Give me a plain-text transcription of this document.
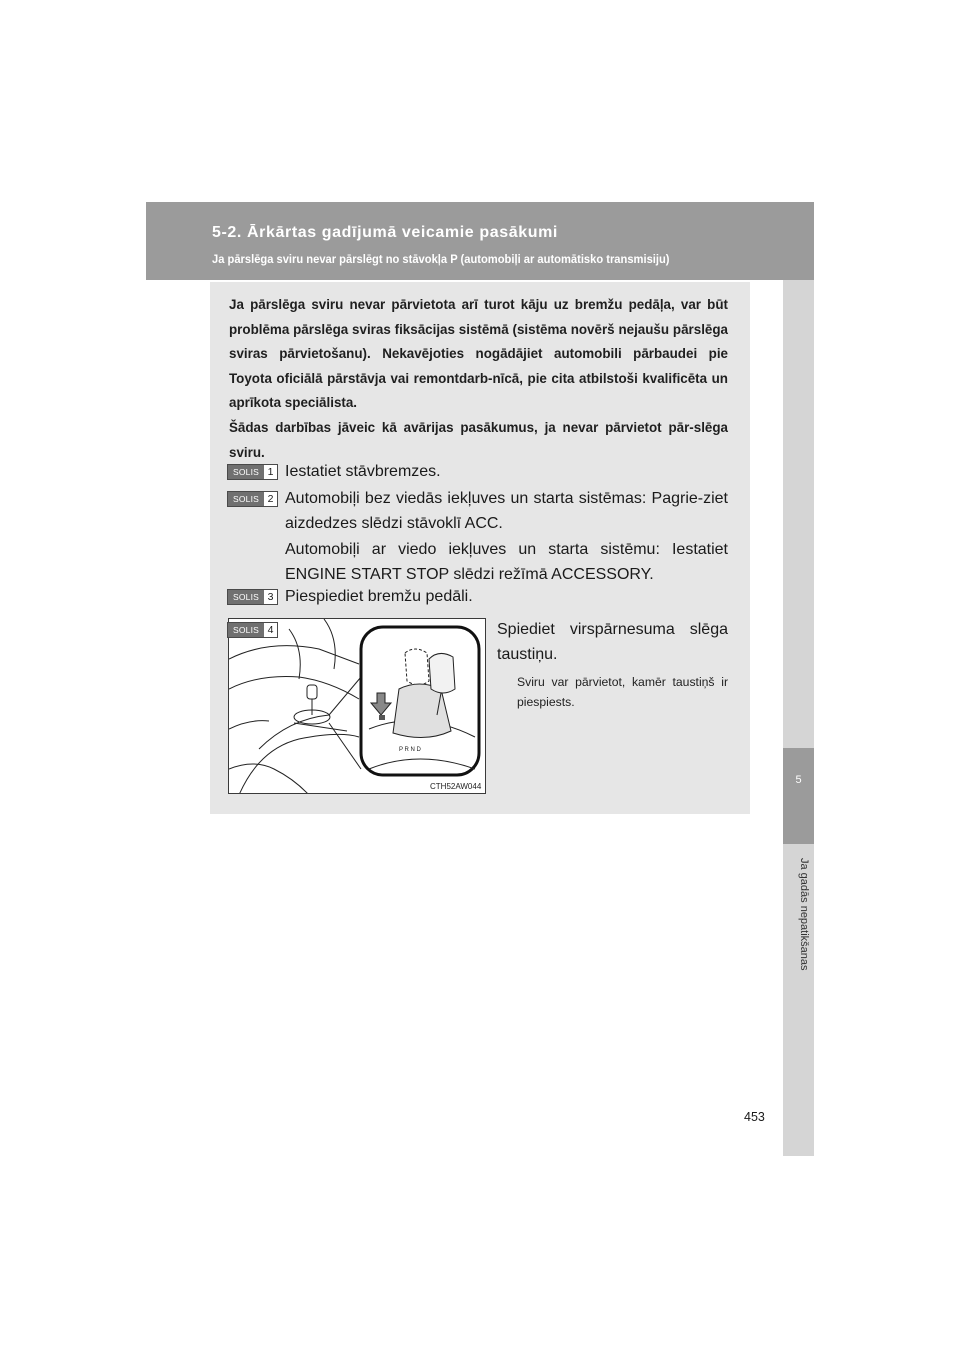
5-2. Ārkārtas gadījumā veicamie pasākumi
Ja pārslēga sviru nevar pārslēgt no stāvokļa P (automobiļi ar automātisko transmisiju)
5
Ja gadās nepatikšanas

Ja pārslēga sviru nevar pārvietota arī turot kāju uz bremžu pedāļa, var būt problēma pārslēga sviras fiksācijas sistēmā (sistēma novērš nejaušu pārslēga sviras pārvietošanu). Nekavējoties nogādājiet automobili pārbaudei pie Toyota oficiālā pārstāvja vai remontdarb-nīcā, pie cita atbilstoši kvalificēta un aprīkota speciālista.

Šādas darbības jāveic kā avārijas pasākumus, ja nevar pārvietot pār-slēga sviru.

SOLIS 1 Iestatiet stāvbremzes.
SOLIS 2 Automobiļi bez viedās iekļuves un starta sistēmas: Pagrie-ziet aizdedzes slēdzi stāvoklī ACC.
Automobiļi ar viedo iekļuves un starta sistēmu: Iestatiet ENGINE START STOP slēdzi režīmā ACCESSORY.
SOLIS 3 Piespiediet bremžu pedāli.
P R N D
CTH52AW044
SOLIS 4	Spiediet virspārnesuma slēga taustiņu.
Sviru var pārvietot, kamēr taustiņš ir piespiests.
453
